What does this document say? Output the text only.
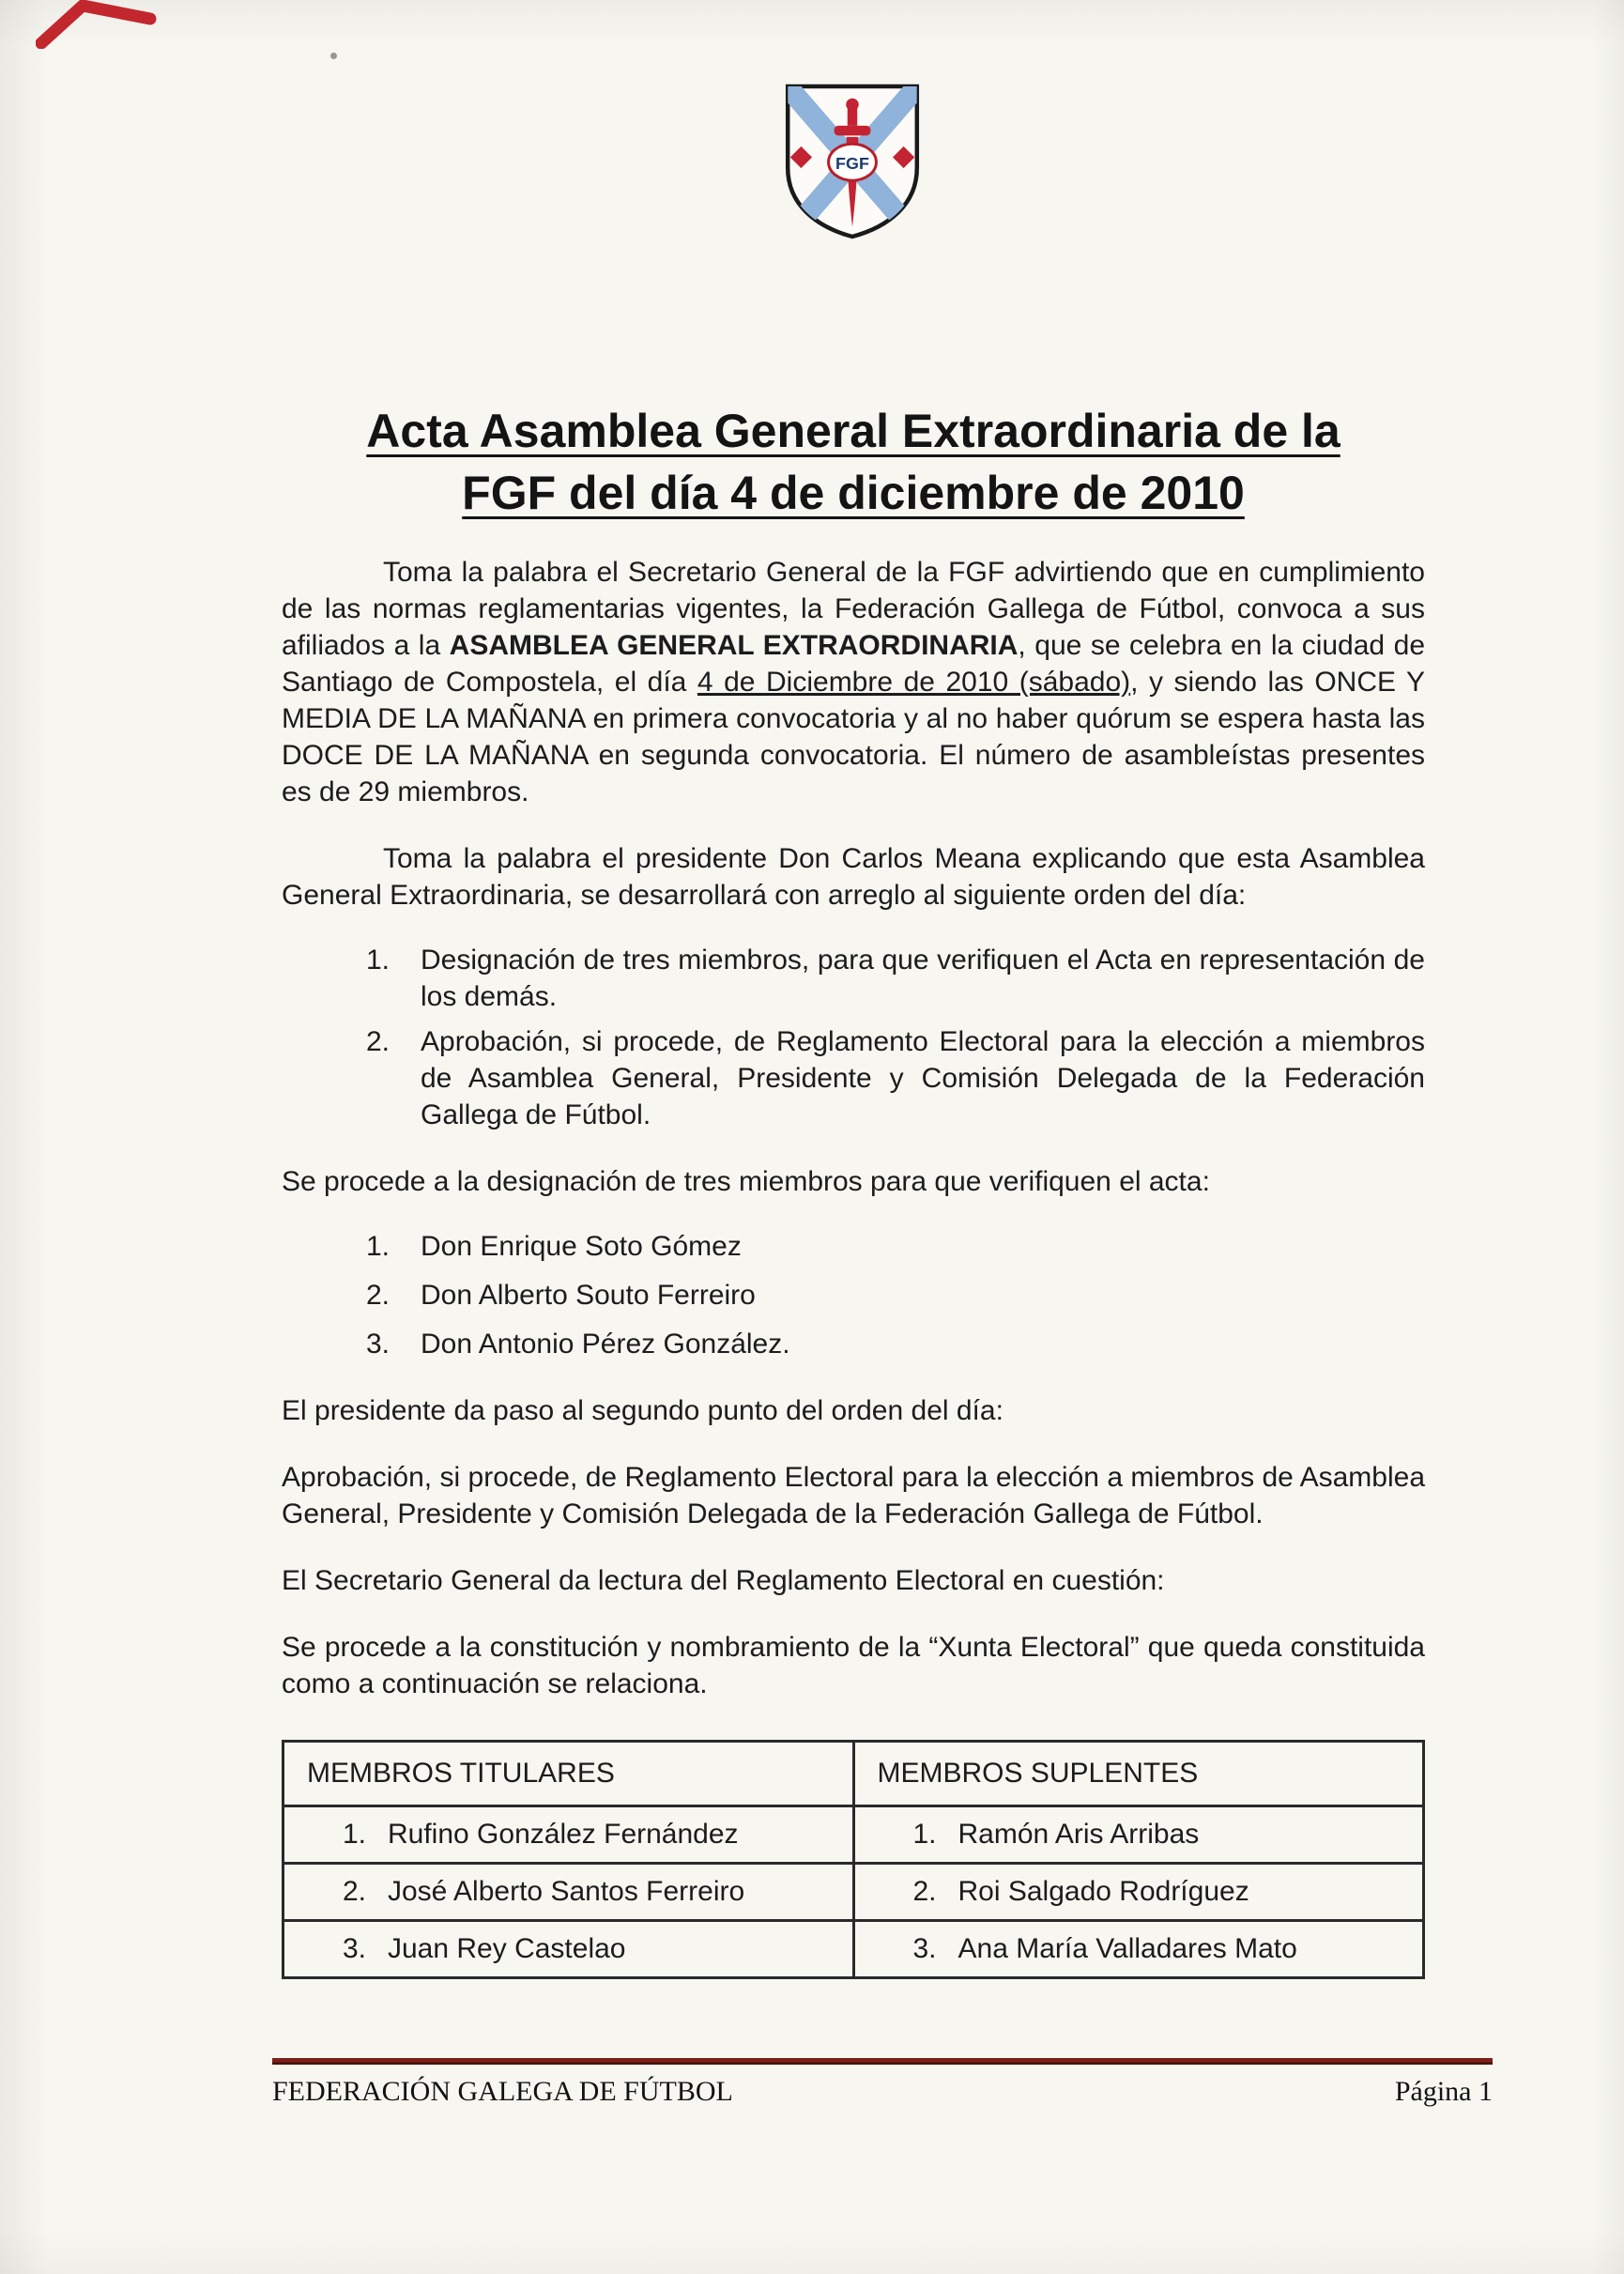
FGF
Acta Asamblea General Extraordinaria de la
FGF del día 4 de diciembre de 2010

Toma la palabra el Secretario General de la FGF advirtiendo que en cumplimiento de las normas reglamentarias vigentes, la Federación Gallega de Fútbol, convoca a sus afiliados a la ASAMBLEA GENERAL EXTRAORDINARIA, que se celebra en la ciudad de Santiago de Compostela, el día 4 de Diciembre de 2010 (sábado), y siendo las ONCE Y MEDIA DE LA MAÑANA en primera convocatoria y al no haber quórum se espera hasta las DOCE DE LA MAÑANA en segunda convocatoria. El número de asambleístas presentes es de 29 miembros.

Toma la palabra el presidente Don Carlos Meana explicando que esta Asamblea General Extraordinaria, se desarrollará con arreglo al siguiente orden del día:

1.	Designación de tres miembros, para que verifiquen el Acta en representación de los demás.
2.	Aprobación, si procede, de Reglamento Electoral para la elección a miembros de Asamblea General, Presidente y Comisión Delegada de la Federación Gallega de Fútbol.

Se procede a la designación de tres miembros para que verifiquen el acta:

1.	Don Enrique Soto Gómez
2.	Don Alberto Souto Ferreiro
3.	Don Antonio Pérez González.

El presidente da paso al segundo punto del orden del día:

Aprobación, si procede, de Reglamento Electoral para la elección a miembros de Asamblea General, Presidente y Comisión Delegada de la Federación Gallega de Fútbol.

El Secretario General da lectura del Reglamento Electoral en cuestión:

Se procede a la constitución y nombramiento de la “Xunta Electoral” que queda constituida como a continuación se relaciona.

MEMBROS TITULARES	MEMBROS SUPLENTES
1. Rufino González Fernández	1. Ramón Aris Arribas
2. José Alberto Santos Ferreiro	2. Roi Salgado Rodríguez
3. Juan Rey Castelao	3. Ana María Valladares Mato
FEDERACIÓN GALEGA DE FÚTBOL	Página 1
